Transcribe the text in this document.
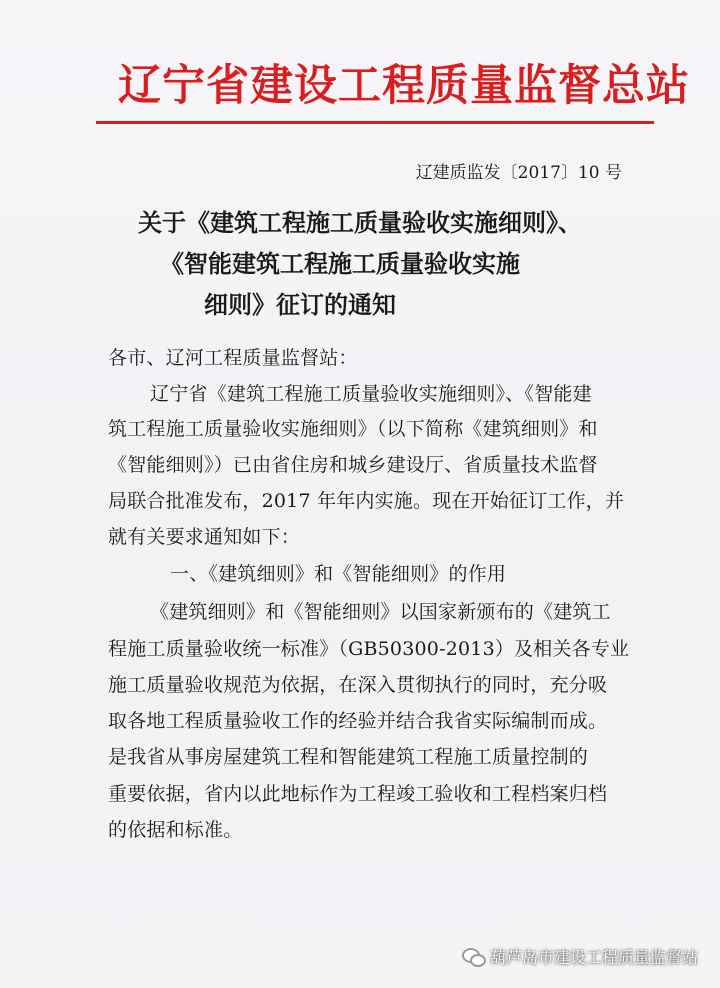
辽宁省建设工程质量监督总站
辽建质监发〔2017〕10 号
关于《建筑工程施工质量验收实施细则》、
《智能建筑工程施工质量验收实施
细则》征订的通知
各市、辽河工程质量监督站：
辽宁省《建筑工程施工质量验收实施细则》、《智能建
筑工程施工质量验收实施细则》（以下简称《建筑细则》和
《智能细则》）已由省住房和城乡建设厅、省质量技术监督
局联合批准发布，2017 年年内实施。现在开始征订工作，并
就有关要求通知如下：
一、《建筑细则》和《智能细则》的作用
《建筑细则》和《智能细则》以国家新颁布的《建筑工
程施工质量验收统一标准》（GB50300-2013）及相关各专业
施工质量验收规范为依据，在深入贯彻执行的同时，充分吸
取各地工程质量验收工作的经验并结合我省实际编制而成。
是我省从事房屋建筑工程和智能建筑工程施工质量控制的
重要依据，省内以此地标作为工程竣工验收和工程档案归档
的依据和标准。
葫芦岛市建设工程质量监督站
